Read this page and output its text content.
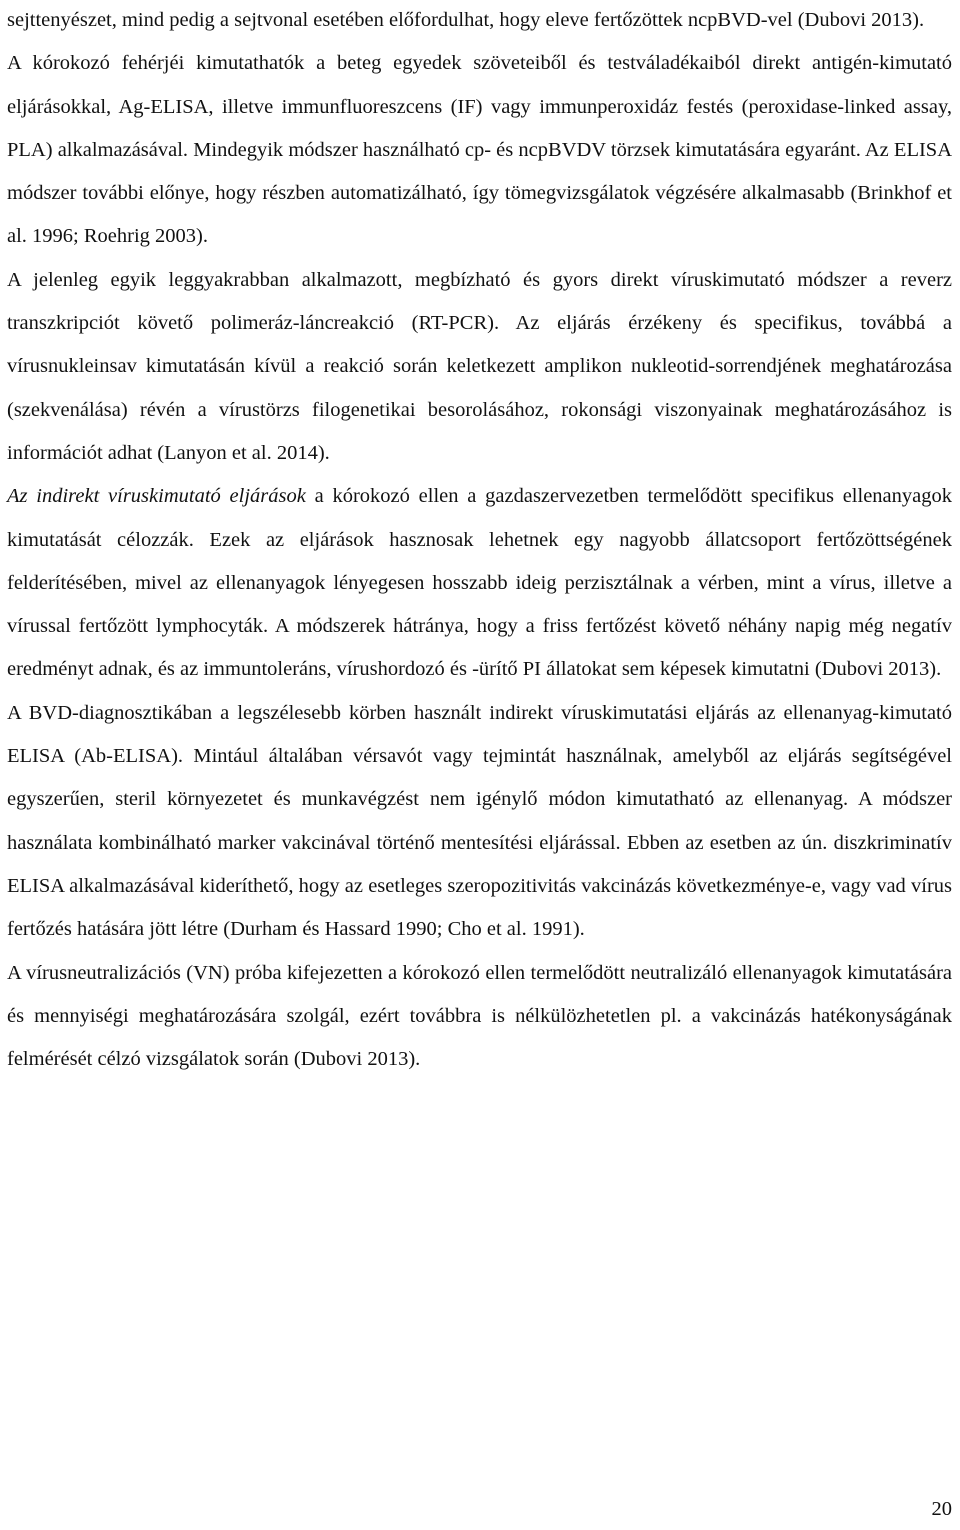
sejttenyészet, mind pedig a sejtvonal esetében előfordulhat, hogy eleve fertőzöttek ncpBVD-vel (Dubovi 2013).

A kórokozó fehérjéi kimutathatók a beteg egyedek szöveteiből és testváladékaiból direkt antigén-kimutató eljárásokkal, Ag-ELISA, illetve immunfluoreszcens (IF) vagy immunperoxidáz festés (peroxidase-linked assay, PLA) alkalmazásával. Mindegyik módszer használható cp- és ncpBVDV törzsek kimutatására egyaránt. Az ELISA módszer további előnye, hogy részben automatizálható, így tömegvizsgálatok végzésére alkalmasabb (Brinkhof et al. 1996; Roehrig 2003).

A jelenleg egyik leggyakrabban alkalmazott, megbízható és gyors direkt víruskimutató módszer a reverz transzkripciót követő polimeráz-láncreakció (RT-PCR). Az eljárás érzékeny és specifikus, továbbá a vírusnukleinsav kimutatásán kívül a reakció során keletkezett amplikon nukleotid-sorrendjének meghatározása (szekvenálása) révén a vírustörzs filogenetikai besorolásához, rokonsági viszonyainak meghatározásához is információt adhat (Lanyon et al. 2014).

Az indirekt víruskimutató eljárások a kórokozó ellen a gazdaszervezetben termelődött specifikus ellenanyagok kimutatását célozzák. Ezek az eljárások hasznosak lehetnek egy nagyobb állatcsoport fertőzöttségének felderítésében, mivel az ellenanyagok lényegesen hosszabb ideig perzisztálnak a vérben, mint a vírus, illetve a vírussal fertőzött lymphocyták. A módszerek hátránya, hogy a friss fertőzést követő néhány napig még negatív eredményt adnak, és az immuntoleráns, vírushordozó és -ürítő PI állatokat sem képesek kimutatni (Dubovi 2013).

A BVD-diagnosztikában a legszélesebb körben használt indirekt víruskimutatási eljárás az ellenanyag-kimutató ELISA (Ab-ELISA). Mintául általában vérsavót vagy tejmintát használnak, amelyből az eljárás segítségével egyszerűen, steril környezetet és munkavégzést nem igénylő módon kimutatható az ellenanyag. A módszer használata kombinálható marker vakcinával történő mentesítési eljárással. Ebben az esetben az ún. diszkriminatív ELISA alkalmazásával kideríthető, hogy az esetleges szeropozitivitás vakcinázás következménye-e, vagy vad vírus fertőzés hatására jött létre (Durham és Hassard 1990; Cho et al. 1991).

A vírusneutralizációs (VN) próba kifejezetten a kórokozó ellen termelődött neutralizáló ellenanyagok kimutatására és mennyiségi meghatározására szolgál, ezért továbbra is nélkülözhetetlen pl. a vakcinázás hatékonyságának felmérését célzó vizsgálatok során (Dubovi 2013).

20
